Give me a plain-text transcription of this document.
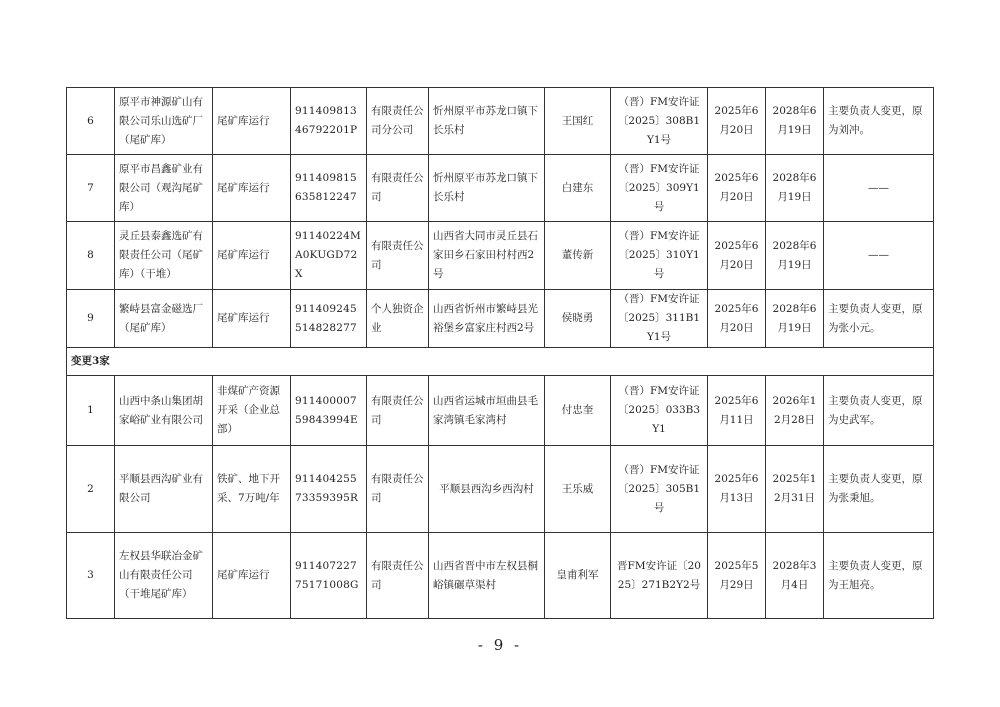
6	原平市神源矿山有限公司乐山选矿厂（尾矿库）	尾矿库运行	91140981346792201P	有限责任公司分公司	忻州原平市苏龙口镇下长乐村	王国红	（晋）FM安许证〔2025〕308B1Y1号	2025年6月20日	2028年6月19日	主要负责人变更，原为刘冲。
7	原平市昌鑫矿业有限公司（观沟尾矿库）	尾矿库运行	911409815635812247	有限责任公司	忻州原平市苏龙口镇下长乐村	白建东	（晋）FM安许证〔2025〕309Y1号	2025年6月20日	2028年6月19日	——
8	灵丘县泰鑫选矿有限责任公司（尾矿库）（干堆）	尾矿库运行	91140224MA0KUGD72X	有限责任公司	山西省大同市灵丘县石家田乡石家田村村西2号	董传新	（晋）FM安许证〔2025〕310Y1号	2025年6月20日	2028年6月19日	——
9	繁峙县富金磁选厂（尾矿库）	尾矿库运行	911409245514828277	个人独资企业	山西省忻州市繁峙县光裕堡乡富家庄村西2号	侯晓勇	（晋）FM安许证〔2025〕311B1Y1号	2025年6月20日	2028年6月19日	主要负责人变更，原为张小元。
变更3家										
1	山西中条山集团胡家峪矿业有限公司	非煤矿产资源开采（企业总部）	91140000759843994E	有限责任公司	山西省运城市垣曲县毛家湾镇毛家湾村	付忠奎	（晋）FM安许证〔2025〕033B3Y1	2025年6月11日	2026年12月28日	主要负责人变更，原为史武军。
2	平顺县西沟矿业有限公司	铁矿、地下开采、7万吨/年	91140425573359395R	有限责任公司	平顺县西沟乡西沟村	王乐威	（晋）FM安许证〔2025〕305B1号	2025年6月13日	2025年12月31日	主要负责人变更，原为张秉旭。
3	左权县华联冶金矿山有限责任公司（干堆尾矿库）	尾矿库运行	91140722775171008G	有限责任公司	山西省晋中市左权县桐峪镇碾草渠村	皇甫利军	晋FM安许证〔2025〕271B2Y2号	2025年5月29日	2028年3月4日	主要负责人变更，原为王旭亮。
- 9 -
